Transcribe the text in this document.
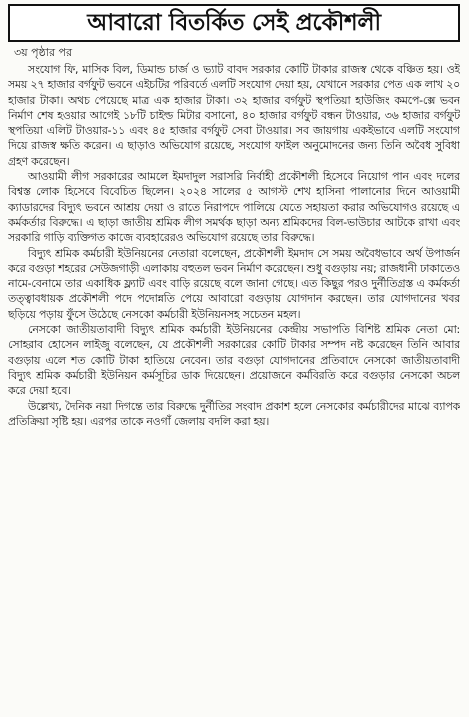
আবারো বিতর্কিত সেই প্রকৌশলী
৩য় পৃষ্ঠার পর

সংযোগ ফি, মাসিক বিল, ডিমান্ড চার্জ ও ভ্যাট বাবদ সরকার কোটি টাকার রাজস্ব থেকে বঞ্চিত হয়। ওই সময় ২৭ হাজার বর্গফুট ভবনে এইচটির পরিবর্তে এলটি সংযোগ দেয়া হয়, যেখানে সরকার পেত এক লাখ ২০ হাজার টাকা। অথচ পেয়েছে মাত্র এক হাজার টাকা। ৩২ হাজার বর্গফুট স্থপতিয়া হাউজিং কমপে-ক্সে ভবন নির্মাণ শেষ হওয়ার আগেই ১৮টি চাইল্ড মিটার বসানো, ৪০ হাজার বর্গফুট বন্ধন টাওয়ার, ৩৬ হাজার বর্গফুট স্থপতিয়া এলিট টাওয়ার-১১ এবং ৪৫ হাজার বর্গফুট সেবা টাওয়ার। সব জায়গায় একইভাবে এলটি সংযোগ দিয়ে রাজস্ব ক্ষতি করেন। এ ছাড়াও অভিযোগ রয়েছে, সংযোগ ফাইল অনুমোদনের জন্য তিনি অবৈধ সুবিধা গ্রহণ করেছেন।

আওয়ামী লীগ সরকারের আমলে ইমদাদুল সরাসরি নির্বাহী প্রকৌশলী হিসেবে নিয়োগ পান এবং দলের বিশ্বস্ত লোক হিসেবে বিবেচিত ছিলেন। ২০২৪ সালের ৫ আগস্ট শেখ হাসিনা পালানোর দিনে আওয়ামী ক্যাডারদের বিদ্যুৎ ভবনে আশ্রয় দেয়া ও রাতে নিরাপদে পালিয়ে যেতে সহায়তা করার অভিযোগও রয়েছে এ কর্মকর্তার বিরুদ্ধে। এ ছাড়া জাতীয় শ্রমিক লীগ সমর্থক ছাড়া অন্য শ্রমিকদের বিল-ভাউচার আটকে রাখা এবং সরকারি গাড়ি ব্যক্তিগত কাজে ব্যবহারেরও অভিযোগ রয়েছে তার বিরুদ্ধে।

বিদ্যুৎ শ্রমিক কর্মচারী ইউনিয়নের নেতারা বলেছেন, প্রকৌশলী ইমদাদ সে সময় অবৈধভাবে অর্থ উপার্জন করে বগুড়া শহরের সেউজগাড়ী এলাকায় বহুতল ভবন নির্মাণ করেছেন। শুধু বগুড়ায় নয়; রাজধানী ঢাকাতেও নামে-বেনামে তার একাধিক ফ্ল্যাট এবং বাড়ি রয়েছে বলে জানা গেছে। এত কিছুর পরও দুর্নীতিগ্রস্ত এ কর্মকর্তা তত্ত্বাবধায়ক প্রকৌশলী পদে পদোন্নতি পেয়ে আবারো বগুড়ায় যোগদান করছেন। তার যোগদানের খবর ছড়িয়ে পড়ায় ফুঁসে উঠেছে নেসকো কর্মচারী ইউনিয়নসহ সচেতন মহল।

নেসকো জাতীয়তাবাদী বিদ্যুৎ শ্রমিক কর্মচারী ইউনিয়নের কেন্দ্রীয় সভাপতি বিশিষ্ট শ্রমিক নেতা মো: সোহরাব হোসেন লাইজু বলেছেন, যে প্রকৌশলী সরকারের কোটি টাকার সম্পদ নষ্ট করেছেন তিনি আবার বগুড়ায় এলে শত কোটি টাকা হাতিয়ে নেবেন। তার বগুড়া যোগদানের প্রতিবাদে নেসকো জাতীয়তাবাদী বিদ্যুৎ শ্রমিক কর্মচারী ইউনিয়ন কর্মসূচির ডাক দিয়েছেন। প্রয়োজনে কর্মবিরতি করে বগুড়ার নেসকো অচল করে দেয়া হবে।

উল্লেখ্য, দৈনিক নয়া দিগন্তে তার বিরুদ্ধে দুর্নীতির সংবাদ প্রকাশ হলে নেসকোর কর্মচারীদের মাঝে ব্যাপক প্রতিক্রিয়া সৃষ্টি হয়। এরপর তাকে নওগাঁ জেলায় বদলি করা হয়।
